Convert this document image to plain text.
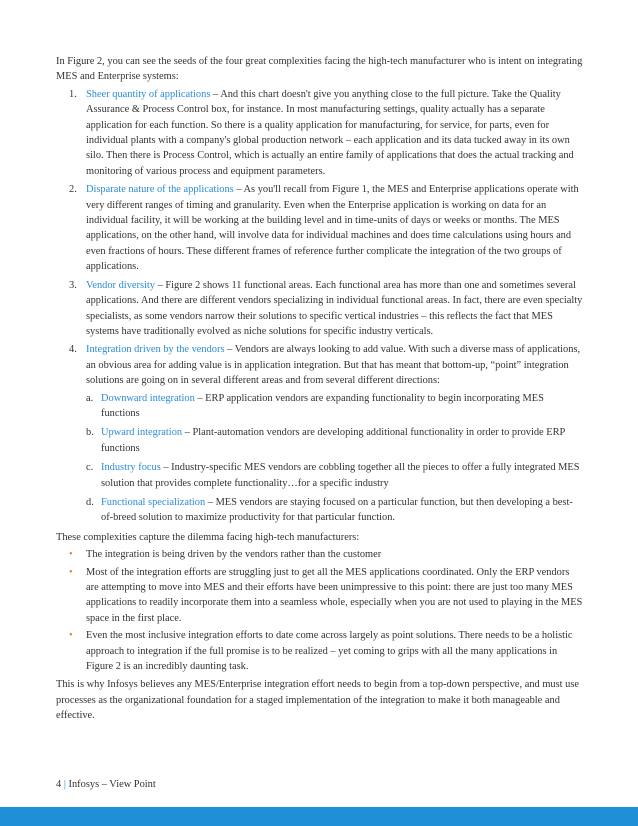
In Figure 2, you can see the seeds of the four great complexities facing the high-tech manufacturer who is intent on integrating MES and Enterprise systems:

1. Sheer quantity of applications – And this chart doesn't give you anything close to the full picture. Take the Quality Assurance & Process Control box, for instance. In most manufacturing settings, quality actually has a separate application for each function. So there is a quality application for manufacturing, for service, for parts, even for individual plants with a company's global production network – each application and its data tucked away in its own silo. Then there is Process Control, which is actually an entire family of applications that does the actual tracking and monitoring of various process and equipment parameters.
2. Disparate nature of the applications – As you'll recall from Figure 1, the MES and Enterprise applications operate with very different ranges of timing and granularity. Even when the Enterprise application is working on data for an individual facility, it will be working at the building level and in time-units of days or weeks or months. The MES applications, on the other hand, will involve data for individual machines and does time calculations using hours and even fractions of hours. These different frames of reference further complicate the integration of the two groups of applications.
3. Vendor diversity – Figure 2 shows 11 functional areas. Each functional area has more than one and sometimes several applications. And there are different vendors specializing in individual functional areas. In fact, there are even specialty specialists, as some vendors narrow their solutions to specific vertical industries – this reflects the fact that MES systems have traditionally evolved as niche solutions for specific industry verticals.
4. Integration driven by the vendors – Vendors are always looking to add value. With such a diverse mass of applications, an obvious area for adding value is in application integration. But that has meant that bottom-up, “point” integration solutions are going on in several different areas and from several different directions:
a. Downward integration – ERP application vendors are expanding functionality to begin incorporating MES functions
b. Upward integration – Plant-automation vendors are developing additional functionality in order to provide ERP functions
c. Industry focus – Industry-specific MES vendors are cobbling together all the pieces to offer a fully integrated MES solution that provides complete functionality…for a specific industry
d. Functional specialization – MES vendors are staying focused on a particular function, but then developing a best-of-breed solution to maximize productivity for that particular function.

These complexities capture the dilemma facing high-tech manufacturers:

• The integration is being driven by the vendors rather than the customer
• Most of the integration efforts are struggling just to get all the MES applications coordinated. Only the ERP vendors are attempting to move into MES and their efforts have been unimpressive to this point: there are just too many MES applications to readily incorporate them into a seamless whole, especially when you are not used to playing in the MES space in the first place.
• Even the most inclusive integration efforts to date come across largely as point solutions. There needs to be a holistic approach to integration if the full promise is to be realized – yet coming to grips with all the many applications in Figure 2 is an incredibly daunting task.

This is why Infosys believes any MES/Enterprise integration effort needs to begin from a top-down perspective, and must use processes as the organizational foundation for a staged implementation of the integration to make it both manageable and effective.

4 | Infosys – View Point
